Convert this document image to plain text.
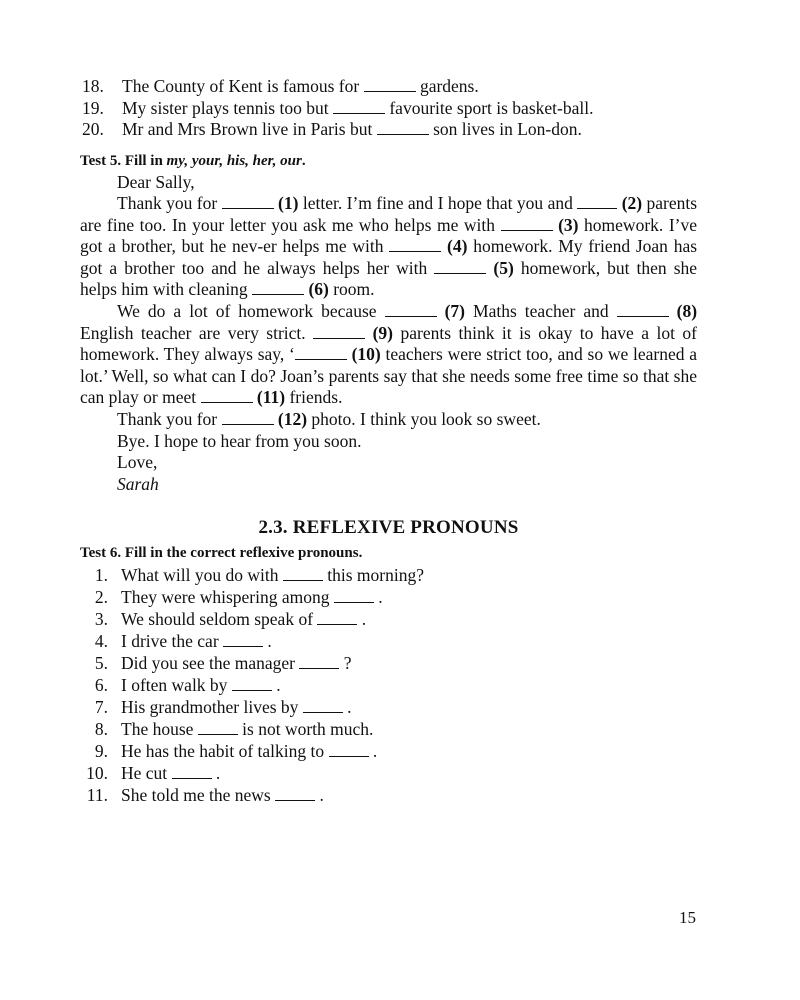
18.	The County of Kent is famous for	gardens.
19.	My sister plays tennis too but	favourite sport is basket-ball.
20.	Mr and Mrs Brown live in Paris but	son lives in Lon-don.
Test 5. Fill in my, your, his, her, our.

Dear Sally,

Thank you for	(1) letter. I’m fine and I hope that you and	(2) parents are fine too. In your letter you ask me who helps me with	(3) homework. I’ve got a brother, but he nev-er helps me with	(4) homework. My friend Joan has got a brother too and he always helps her with	(5) homework, but then she helps him with cleaning	(6) room.

We do a lot of homework because	(7) Maths teacher and	(8) English teacher are very strict.	(9) parents think it is okay to have a lot of homework. They always say, ‘	(10) teachers were strict too, and so we learned a lot.’ Well, so what can I do? Joan’s parents say that she needs some free time so that she can play or meet	(11) friends.

Thank you for	(12) photo. I think you look so sweet.

Bye. I hope to hear from you soon.

Love,

Sarah

2.3. REFLEXIVE PRONOUNS
Test 6. Fill in the correct reflexive pronouns.
1. What will you do with	this morning?
2. They were whispering among	.
3. We should seldom speak of	.
4. I drive the car	.
5. Did you see the manager	?
6. I often walk by	.
7. His grandmother lives by	.
8. The house	is not worth much.
9. He has the habit of talking to	.
10. He cut	.
11. She told me the news	.
15
